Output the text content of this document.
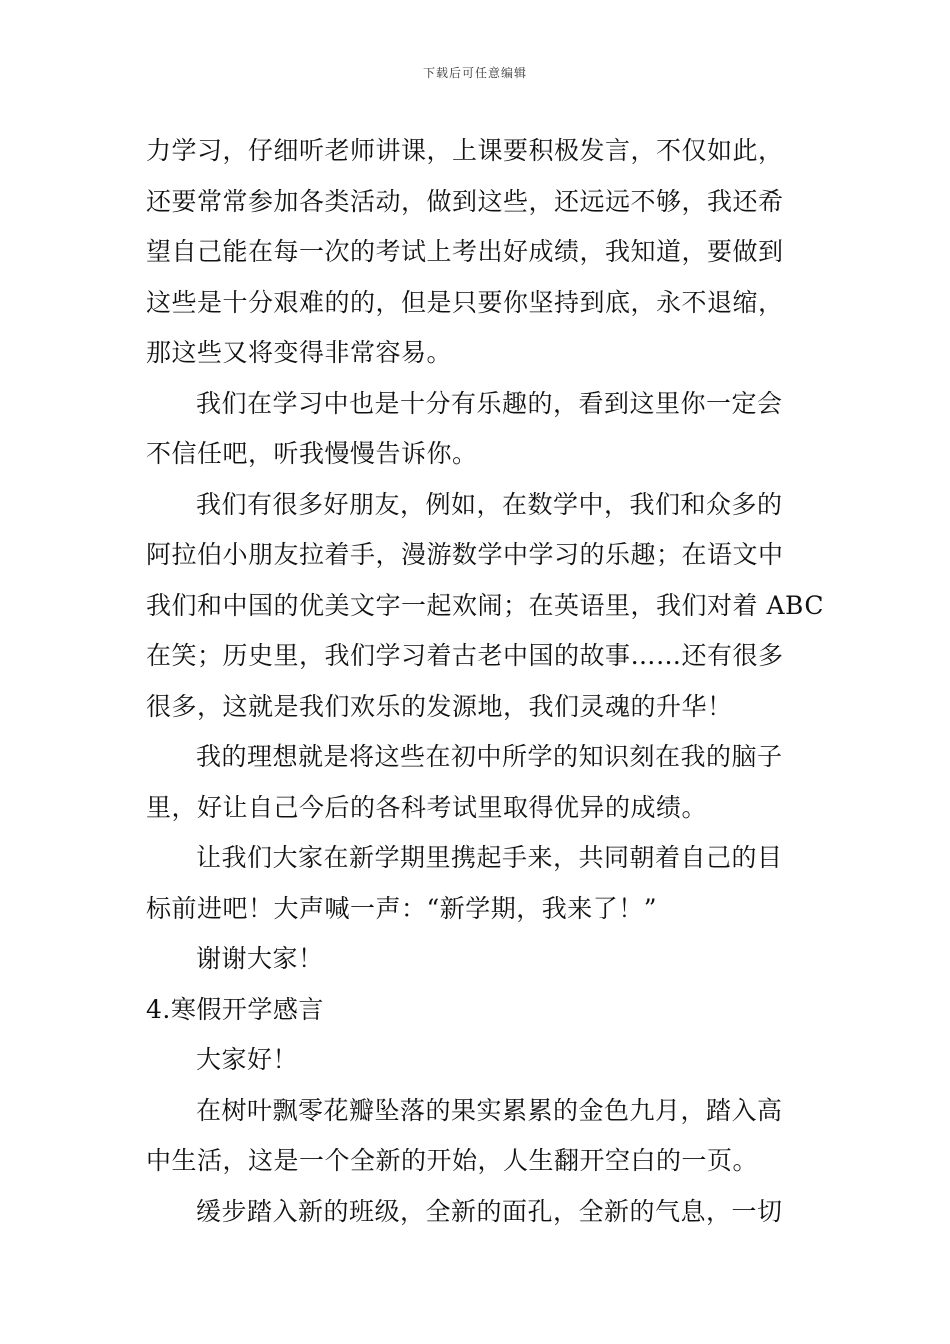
下载后可任意编辑

力学习，仔细听老师讲课，上课要积极发言，不仅如此，
还要常常参加各类活动，做到这些，还远远不够，我还希
望自己能在每一次的考试上考出好成绩，我知道，要做到
这些是十分艰难的的，但是只要你坚持到底，永不退缩，
那这些又将变得非常容易。

我们在学习中也是十分有乐趣的，看到这里你一定会
不信任吧，听我慢慢告诉你。

我们有很多好朋友，例如，在数学中，我们和众多的
阿拉伯小朋友拉着手，漫游数学中学习的乐趣；在语文中
我们和中国的优美文字一起欢闹；在英语里，我们对着 ABC
在笑；历史里，我们学习着古老中国的故事……还有很多
很多，这就是我们欢乐的发源地，我们灵魂的升华！

我的理想就是将这些在初中所学的知识刻在我的脑子
里，好让自己今后的各科考试里取得优异的成绩。

让我们大家在新学期里携起手来，共同朝着自己的目
标前进吧！大声喊一声：“新学期，我来了！”

谢谢大家！

4.寒假开学感言

大家好！

在树叶飘零花瓣坠落的果实累累的金色九月，踏入高
中生活，这是一个全新的开始，人生翻开空白的一页。

缓步踏入新的班级，全新的面孔，全新的气息，一切
